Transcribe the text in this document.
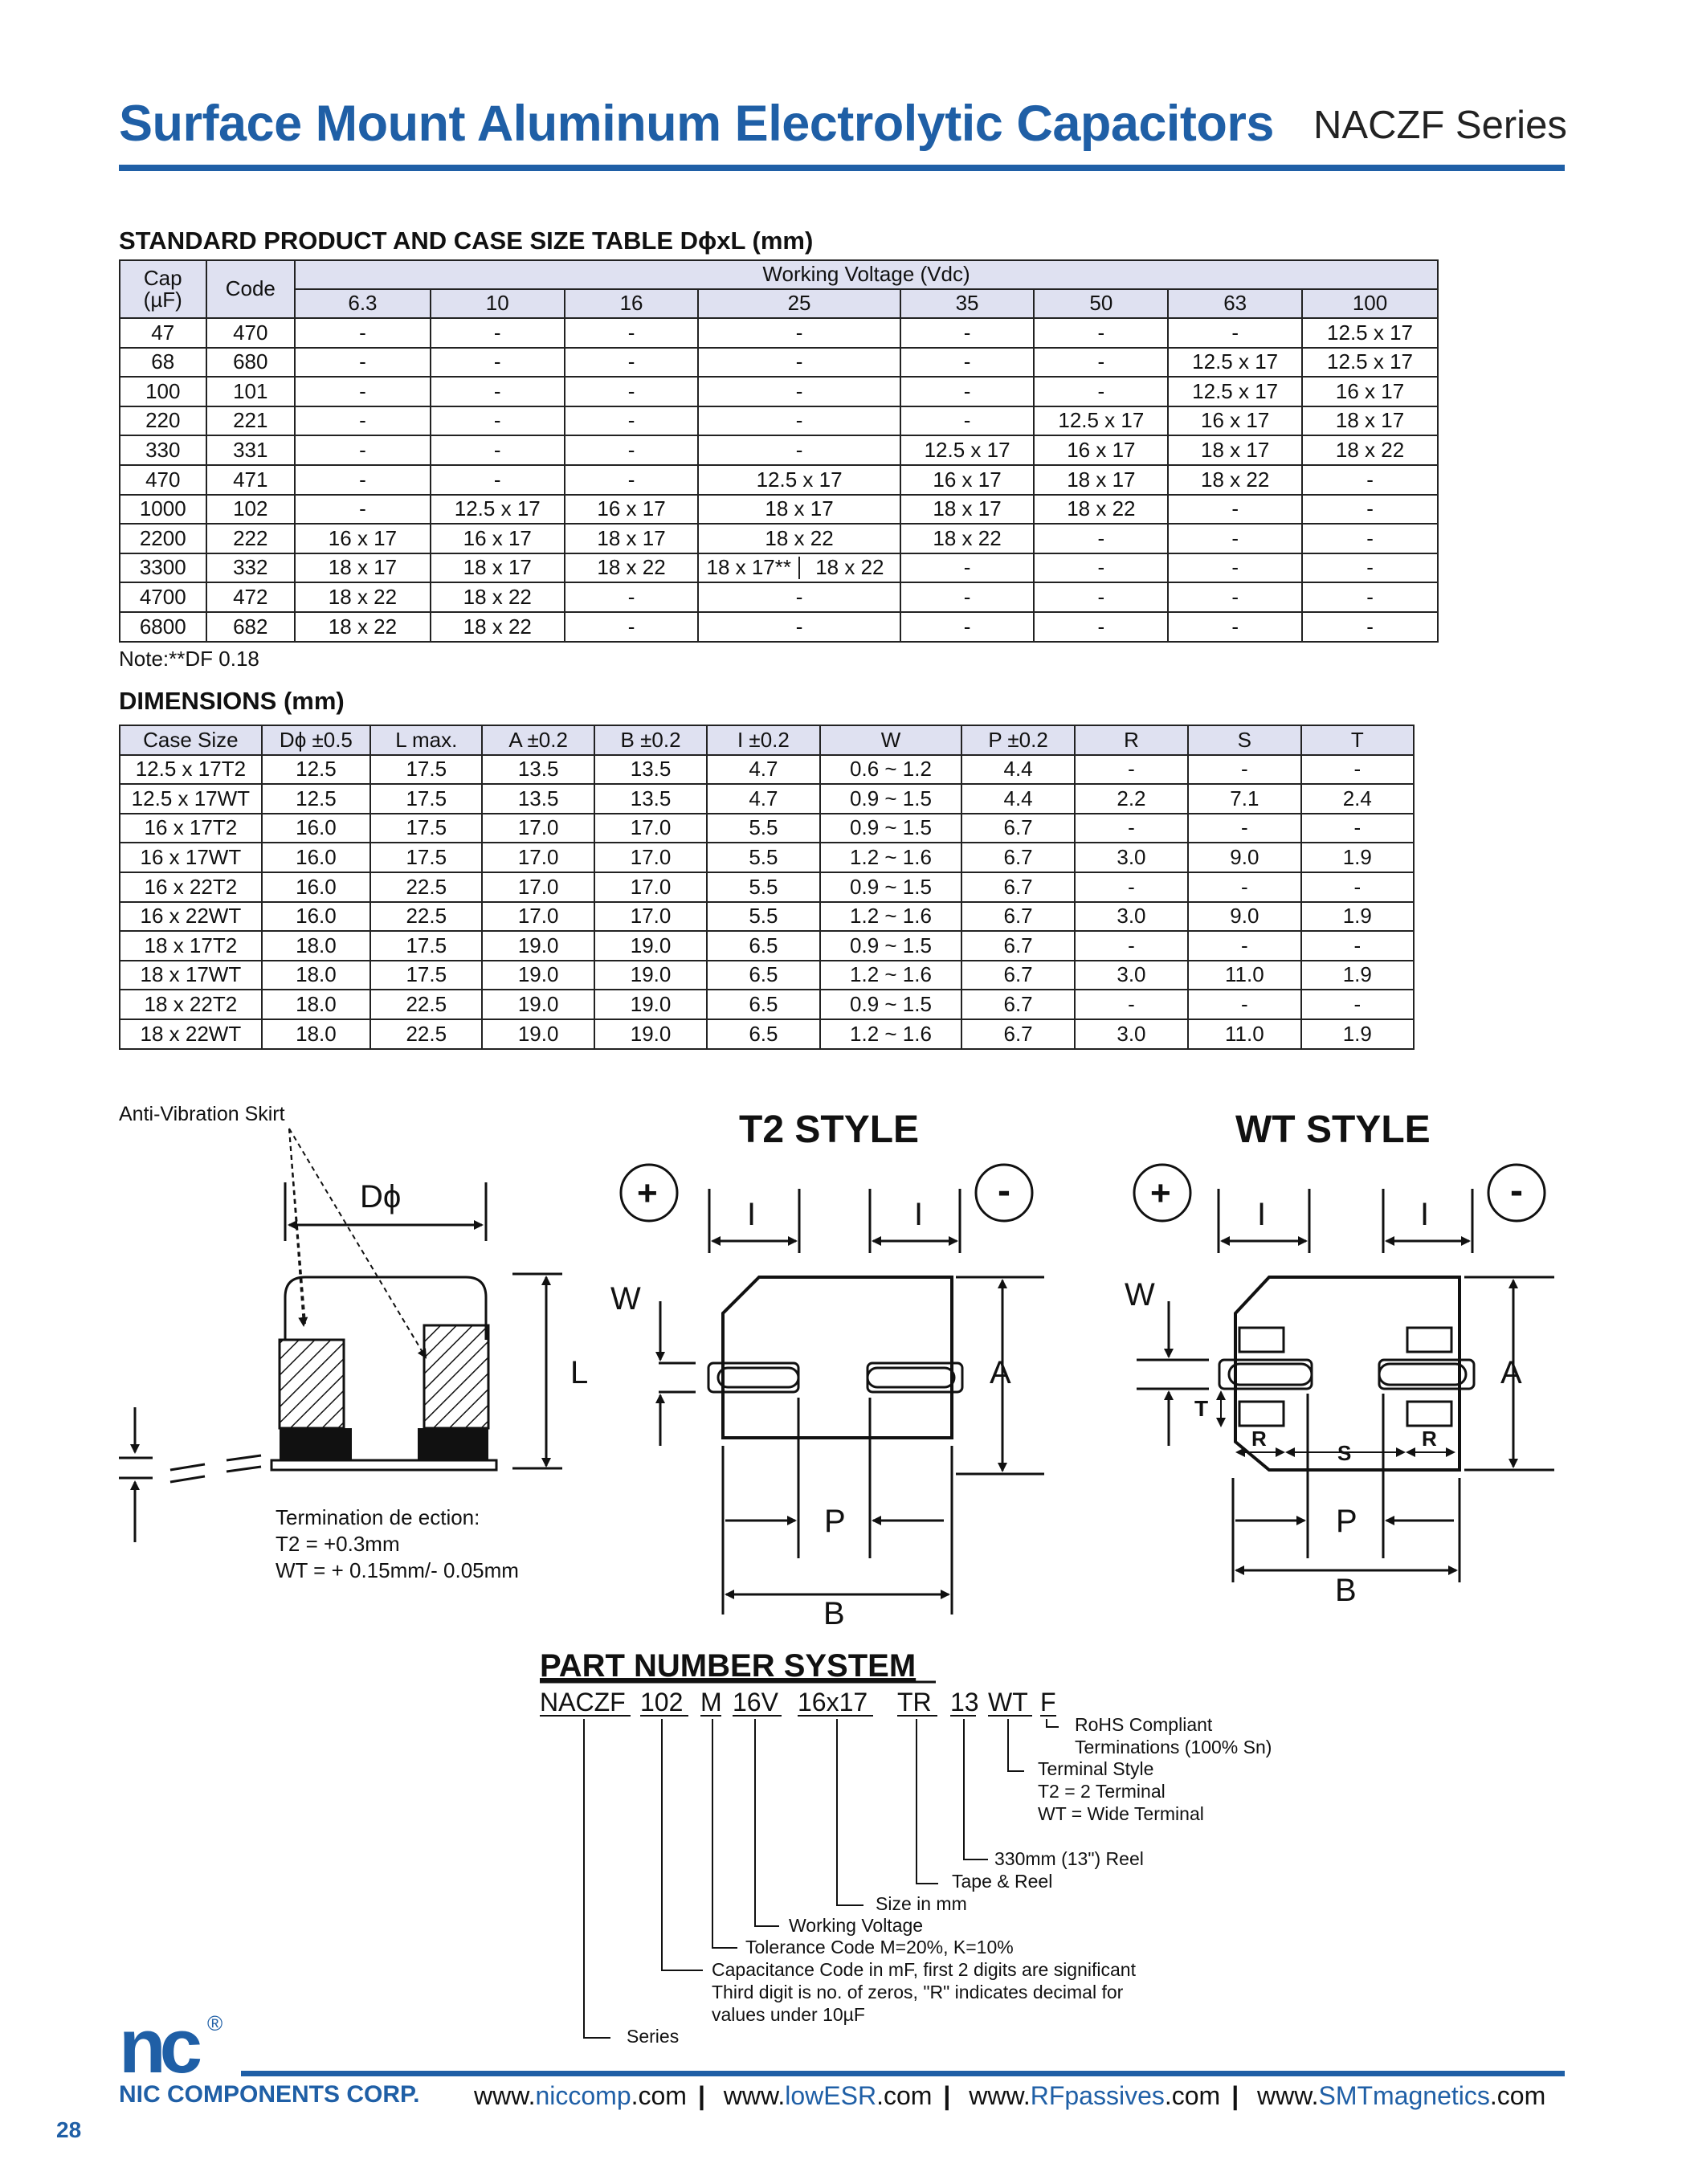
Surface Mount Aluminum Electrolytic Capacitors NACZF Series
STANDARD PRODUCT AND CASE SIZE TABLE DϕxL (mm)
Cap
(µF)	Code	Working Voltage (Vdc)							
		6.3	10	16	25	35	50	63	100
47	470	-	-	-	-	-	-	-	12.5 x 17
68	680	-	-	-	-	-	-	12.5 x 17	12.5 x 17
100	101	-	-	-	-	-	-	12.5 x 17	16 x 17
220	221	-	-	-	-	-	12.5 x 17	16 x 17	18 x 17
330	331	-	-	-	-	12.5 x 17	16 x 17	18 x 17	18 x 22
470	471	-	-	-	12.5 x 17	16 x 17	18 x 17	18 x 22	-
1000	102	-	12.5 x 17	16 x 17	18 x 17	18 x 17	18 x 22	-	-
2200	222	16 x 17	16 x 17	18 x 17	18 x 22	18 x 22	-	-	-
3300	332	18 x 17	18 x 17	18 x 22	18 x 17** 18 x 22	-	-	-	-
4700	472	18 x 22	18 x 22	-	-	-	-	-	-
6800	682	18 x 22	18 x 22	-	-	-	-	-	-
Note:**DF 0.18
DIMENSIONS (mm)
Case Size	Dϕ ±0.5	L max.	A ±0.2	B ±0.2	I ±0.2	W	P ±0.2	R	S	T
12.5 x 17T2	12.5	17.5	13.5	13.5	4.7	0.6 ~ 1.2	4.4	-	-	-
12.5 x 17WT	12.5	17.5	13.5	13.5	4.7	0.9 ~ 1.5	4.4	2.2	7.1	2.4
16 x 17T2	16.0	17.5	17.0	17.0	5.5	0.9 ~ 1.5	6.7	-	-	-
16 x 17WT	16.0	17.5	17.0	17.0	5.5	1.2 ~ 1.6	6.7	3.0	9.0	1.9
16 x 22T2	16.0	22.5	17.0	17.0	5.5	0.9 ~ 1.5	6.7	-	-	-
16 x 22WT	16.0	22.5	17.0	17.0	5.5	1.2 ~ 1.6	6.7	3.0	9.0	1.9
18 x 17T2	18.0	17.5	19.0	19.0	6.5	0.9 ~ 1.5	6.7	-	-	-
18 x 17WT	18.0	17.5	19.0	19.0	6.5	1.2 ~ 1.6	6.7	3.0	11.0	1.9
18 x 22T2	18.0	22.5	19.0	19.0	6.5	0.9 ~ 1.5	6.7	-	-	-
18 x 22WT	18.0	22.5	19.0	19.0	6.5	1.2 ~ 1.6	6.7	3.0	11.0	1.9
Anti-Vibration Skirt
Dϕ
L
Termination de ection:
T2 = +0.3mm
WT = + 0.15mm/- 0.05mm
T2 STYLE
+	-
I	I
W
A
P
B
WT STYLE
+	-
I	I
W
T
A
R
S
R
P
B
PART NUMBER SYSTEM
NACZF 102 M 16V 16x17 TR 13 WT F
RoHS Compliant
Terminations (100% Sn)
Terminal Style
T2 = 2 Terminal
WT = Wide Terminal
330mm (13") Reel
Tape & Reel
Size in mm
Working Voltage
Tolerance Code M=20%, K=10%
Capacitance Code in mF, first 2 digits are significant
Third digit is no. of zeros, "R" indicates decimal for
values under 10µF
Series
nc ®
NIC COMPONENTS CORP. www.niccomp.com | www.lowESR.com | www.RFpassives.com | www.SMTmagnetics.com
28
